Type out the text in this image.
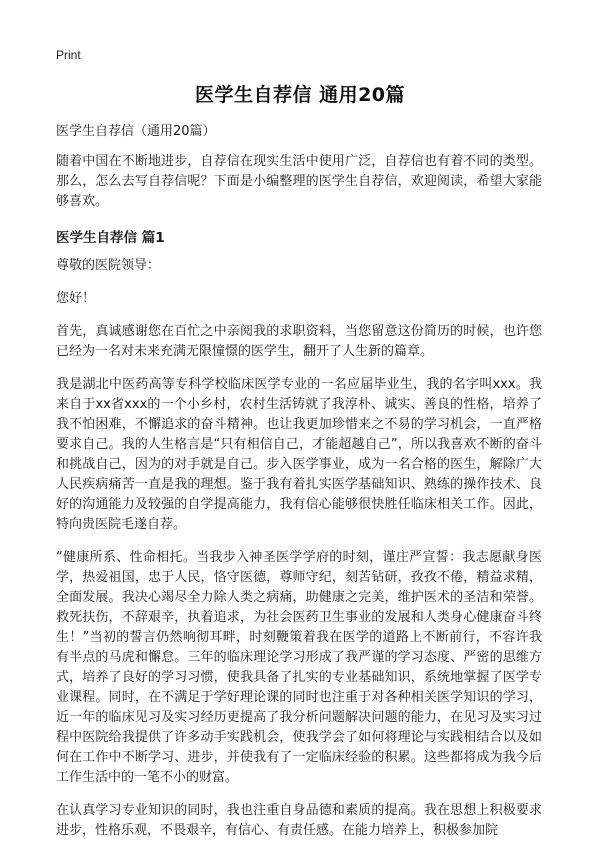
Print
医学生自荐信 通用20篇
医学生自荐信（通用20篇）

随着中国在不断地进步，自荐信在现实生活中使用广泛，自荐信也有着不同的类型。那么，怎么去写自荐信呢？下面是小编整理的医学生自荐信，欢迎阅读，希望大家能够喜欢。

医学生自荐信 篇1

尊敬的医院领导：

您好！

首先，真诚感谢您在百忙之中亲阅我的求职资料，当您留意这份简历的时候，也许您已经为一名对未来充满无限憧憬的医学生，翻开了人生新的篇章。

我是湖北中医药高等专科学校临床医学专业的一名应届毕业生，我的名字叫xxx。我来自于xx省xxx的一个小乡村，农村生活铸就了我淳朴、诚实、善良的性格，培养了我不怕困难，不懈追求的奋斗精神。也让我更加珍惜来之不易的学习机会，一直严格要求自己。我的人生格言是“只有相信自己，才能超越自己”，所以我喜欢不断的奋斗和挑战自己，因为的对手就是自己。步入医学事业，成为一名合格的医生，解除广大人民疾病痛苦一直是我的理想。鉴于我有着扎实医学基础知识、熟练的操作技术、良好的沟通能力及较强的自学提高能力，我有信心能够很快胜任临床相关工作。因此，特向贵医院毛遂自荐。

“健康所系、性命相托。当我步入神圣医学学府的时刻，谨庄严宣誓：我志愿献身医学，热爱祖国，忠于人民，恪守医德，尊师守纪，刻苦钻研，孜孜不倦，精益求精，全面发展。我决心竭尽全力除人类之病痛，助健康之完美，维护医术的圣洁和荣誉。救死扶伤，不辞艰辛，执着追求，为社会医药卫生事业的发展和人类身心健康奋斗终生！”当初的誓言仍然响彻耳畔，时刻鞭策着我在医学的道路上不断前行，不容许我有半点的马虎和懈怠。三年的临床理论学习形成了我严谨的学习态度、严密的思维方式，培养了良好的学习习惯，使我具备了扎实的专业基础知识，系统地掌握了医学专业课程。同时，在不满足于学好理论课的同时也注重于对各种相关医学知识的学习，近一年的临床见习及实习经历更提高了我分析问题解决问题的能力，在见习及实习过程中医院给我提供了许多动手实践机会，使我学会了如何将理论与实践相结合以及如何在工作中不断学习、进步，并使我有了一定临床经验的积累。这些都将成为我今后工作生活中的一笔不小的财富。

在认真学习专业知识的同时，我也注重自身品德和素质的提高。我在思想上积极要求进步，性格乐观，不畏艰辛，有信心、有责任感。在能力培养上，积极参加院
